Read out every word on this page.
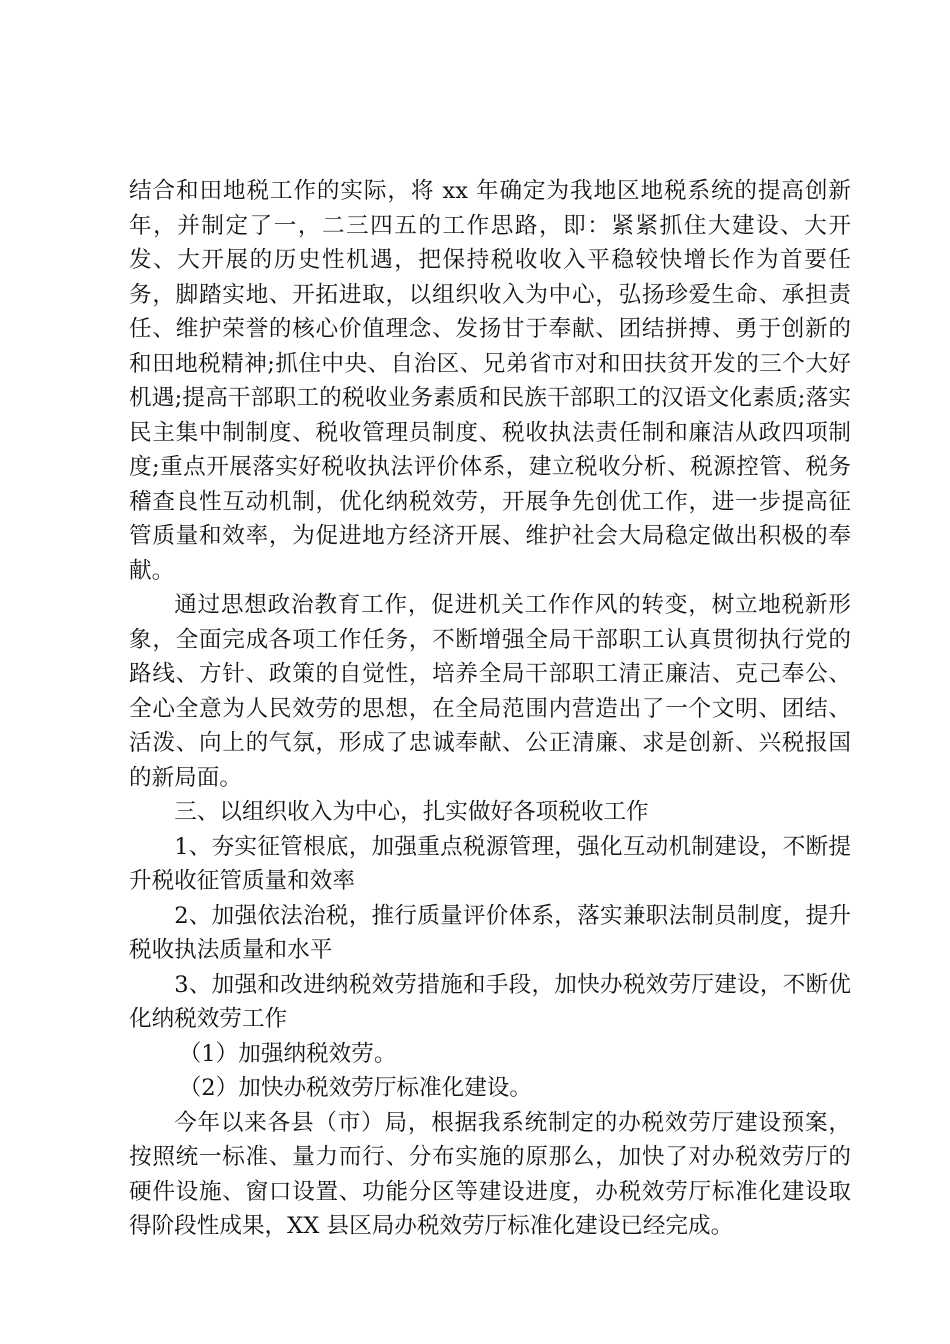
结合和田地税工作的实际，将 xx 年确定为我地区地税系统的提高创新年，并制定了一，二三四五的工作思路，即：紧紧抓住大建设、大开发、大开展的历史性机遇，把保持税收收入平稳较快增长作为首要任务，脚踏实地、开拓进取，以组织收入为中心，弘扬珍爱生命、承担责任、维护荣誉的核心价值理念、发扬甘于奉献、团结拼搏、勇于创新的和田地税精神;抓住中央、自治区、兄弟省市对和田扶贫开发的三个大好机遇;提高干部职工的税收业务素质和民族干部职工的汉语文化素质;落实民主集中制制度、税收管理员制度、税收执法责任制和廉洁从政四项制度;重点开展落实好税收执法评价体系，建立税收分析、税源控管、税务稽查良性互动机制，优化纳税效劳，开展争先创优工作，进一步提高征管质量和效率，为促进地方经济开展、维护社会大局稳定做出积极的奉献。

通过思想政治教育工作，促进机关工作作风的转变，树立地税新形象，全面完成各项工作任务，不断增强全局干部职工认真贯彻执行党的路线、方针、政策的自觉性，培养全局干部职工清正廉洁、克己奉公、全心全意为人民效劳的思想，在全局范围内营造出了一个文明、团结、活泼、向上的气氛，形成了忠诚奉献、公正清廉、求是创新、兴税报国的新局面。

三、以组织收入为中心，扎实做好各项税收工作

1、夯实征管根底，加强重点税源管理，强化互动机制建设，不断提升税收征管质量和效率

2、加强依法治税，推行质量评价体系，落实兼职法制员制度，提升税收执法质量和水平

3、加强和改进纳税效劳措施和手段，加快办税效劳厅建设，不断优化纳税效劳工作

（1）加强纳税效劳。

（2）加快办税效劳厅标准化建设。

今年以来各县（市）局，根据我系统制定的办税效劳厅建设预案，按照统一标准、量力而行、分布实施的原那么，加快了对办税效劳厅的硬件设施、窗口设置、功能分区等建设进度，办税效劳厅标准化建设取得阶段性成果，XX 县区局办税效劳厅标准化建设已经完成。
